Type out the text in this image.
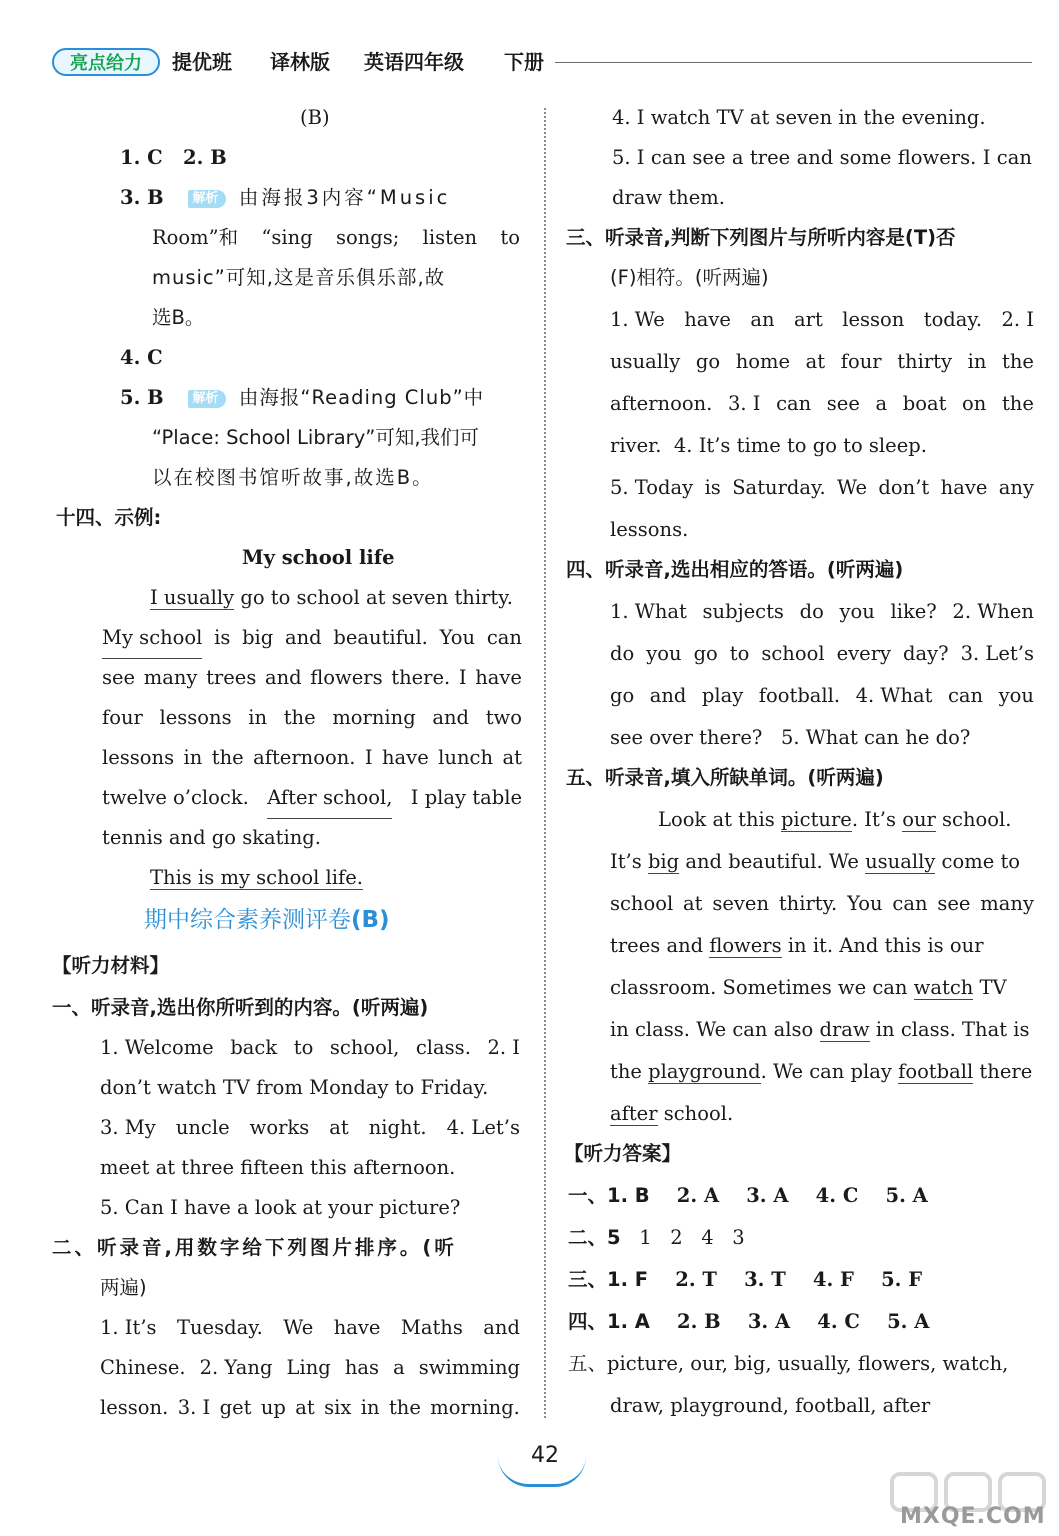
亮点给力	提优班 译林版 英语四年级 下册
(B)
1. C 2. B
3. B 解析 由海报3内容“Music
Room”和 “sing songs; listen to
music”可知,这是音乐俱乐部,故
选B。
4. C
5. B 解析 由海报“Reading Club”中
“Place: School Library”可知,我们可
以在校图书馆听故事,故选B。
十四、示例:
My school life
I usually go to school at seven thirty.
My school is big and beautiful. You can
see many trees and flowers there. I have
four lessons in the morning and two
lessons in the afternoon. I have lunch at
twelve o’clock. After school, I play table
tennis and go skating.
This is my school life.
期中综合素养测评卷(B)
【听力材料】
一、听录音,选出你所听到的内容。(听两遍)
1. Welcome back to school, class. 2. I
don’t watch TV from Monday to Friday.
3. My uncle works at night. 4. Let’s
meet at three fifteen this afternoon.
5. Can I have a look at your picture?
二、听录音,用数字给下列图片排序。(听
两遍)
1. It’s Tuesday. We have Maths and
Chinese. 2. Yang Ling has a swimming
lesson. 3. I get up at six in the morning.
4. I watch TV at seven in the evening.
5. I can see a tree and some flowers. I can
draw them.
三、听录音,判断下列图片与所听内容是(T)否
(F)相符。(听两遍)
1. We have an art lesson today. 2. I
usually go home at four thirty in the
afternoon. 3. I can see a boat on the
river.  4. It’s time to go to sleep.
5. Today is Saturday. We don’t have any
lessons.
四、听录音,选出相应的答语。(听两遍)
1. What subjects do you like? 2. When
do you go to school every day? 3. Let’s
go and play football. 4. What can you
see over there?   5. What can he do?
五、听录音,填入所缺单词。(听两遍)
Look at this picture. It’s our school.
It’s big and beautiful. We usually come to
school at seven thirty. You can see many
trees and flowers in it. And this is our
classroom. Sometimes we can watch TV
in class. We can also draw in class. That is
the playground. We can play football there
after school.
【听力答案】
一、1. B 2. A 3. A 4. C 5. A
二、5 1 2 4 3
三、1. F 2. T 3. T 4. F 5. F
四、1. A 2. B 3. A 4. C 5. A
五、picture, our, big, usually, flowers, watch,
draw, playground, football, after
42
MXQE.COM
